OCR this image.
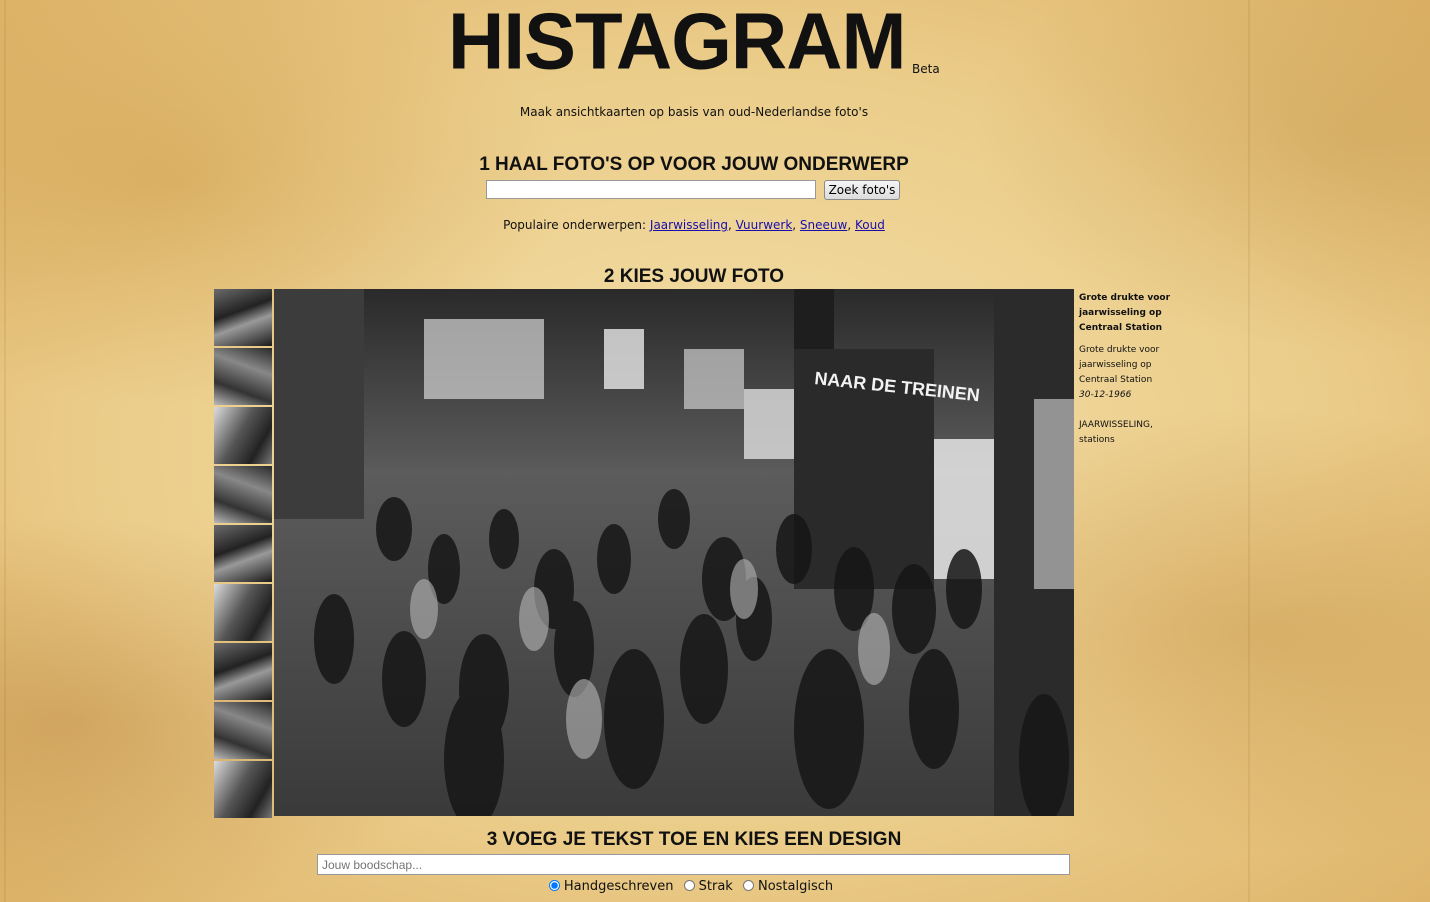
HISTAGRAM Beta
Maak ansichtkaarten op basis van oud-Nederlandse foto's
1 HAAL FOTO'S OP VOOR JOUW ONDERWERP
Zoek foto's
Populaire onderwerpen: Jaarwisseling, Vuurwerk, Sneeuw, Koud
2 KIES JOUW FOTO
NAAR DE TREINEN
Grote drukte voor jaarwisseling op Centraal Station
Grote drukte voor jaarwisseling op Centraal Station
30-12-1966
JAARWISSELING, stations
3 VOEG JE TEKST TOE EN KIES EEN DESIGN
Jouw boodschap...
Handgeschreven Strak Nostalgisch
